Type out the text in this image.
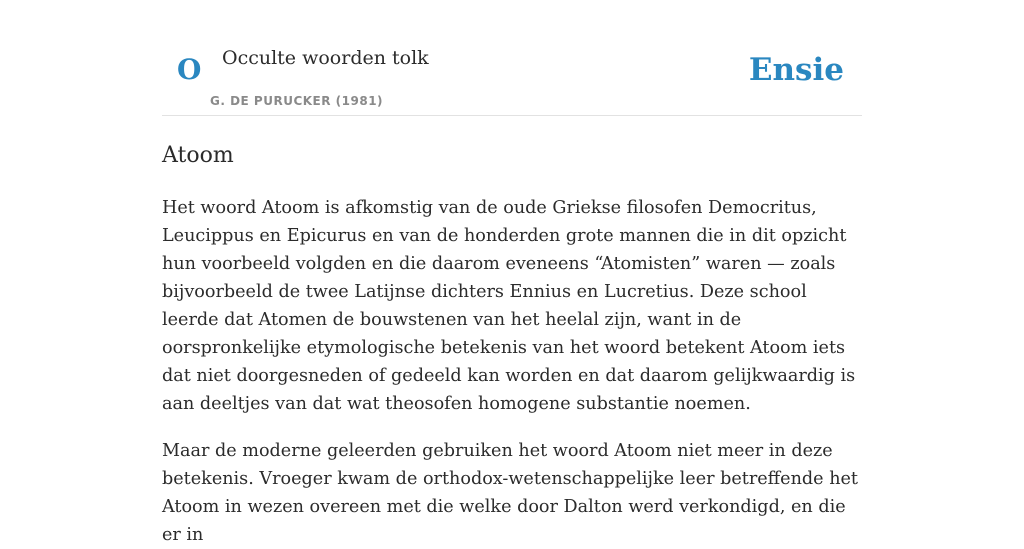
O Occulte woorden tolk
G. DE PURUCKER (1981)
Ensie
Atoom

Het woord Atoom is afkomstig van de oude Griekse filosofen Democritus, Leucippus en Epicurus en van de honderden grote mannen die in dit opzicht hun voorbeeld volgden en die daarom eveneens “Atomisten” waren — zoals bijvoorbeeld de twee Latijnse dichters Ennius en Lucretius. Deze school leerde dat Atomen de bouwstenen van het heelal zijn, want in de oorspronkelijke etymologische betekenis van het woord betekent Atoom iets dat niet doorgesneden of gedeeld kan worden en dat daarom gelijkwaardig is aan deeltjes van dat wat theosofen homogene substantie noemen.

Maar de moderne geleerden gebruiken het woord Atoom niet meer in deze betekenis. Vroeger kwam de orthodox-wetenschappelijke leer betreffende het Atoom in wezen overeen met die welke door Dalton werd verkondigd, en die er in
